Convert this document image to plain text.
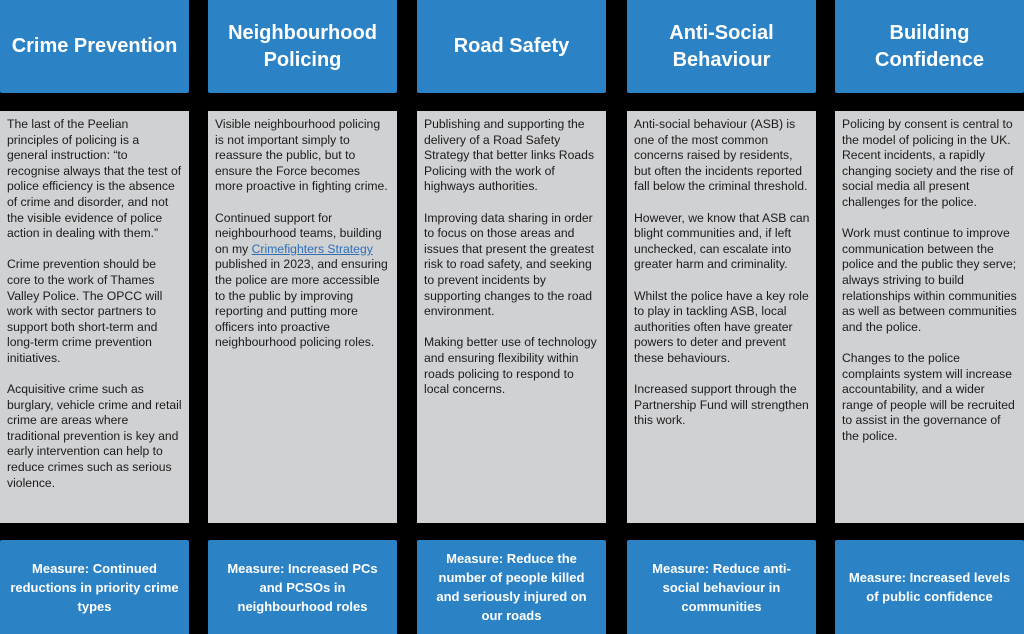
Crime Prevention

The last of the Peelian principles of policing is a general instruction: “to recognise always that the test of police efficiency is the absence of crime and disorder, and not the visible evidence of police action in dealing with them.”

Crime prevention should be core to the work of Thames Valley Police. The OPCC will work with sector partners to support both short-term and long-term crime prevention initiatives.

Acquisitive crime such as burglary, vehicle crime and retail crime are areas where traditional prevention is key and early intervention can help to reduce crimes such as serious violence.

Measure: Continued reductions in priority crime types
Neighbourhood Policing

Visible neighbourhood policing is not important simply to reassure the public, but to ensure the Force becomes more proactive in fighting crime.

Continued support for neighbourhood teams, building on my Crimefighters Strategy published in 2023, and ensuring the police are more accessible to the public by improving reporting and putting more officers into proactive neighbourhood policing roles.

Measure: Increased PCs and PCSOs in neighbourhood roles
Road Safety

Publishing and supporting the delivery of a Road Safety Strategy that better links Roads Policing with the work of highways authorities.

Improving data sharing in order to focus on those areas and issues that present the greatest risk to road safety, and seeking to prevent incidents by supporting changes to the road environment.

Making better use of technology and ensuring flexibility within roads policing to respond to local concerns.

Measure: Reduce the number of people killed and seriously injured on our roads
Anti-Social Behaviour

Anti-social behaviour (ASB) is one of the most common concerns raised by residents, but often the incidents reported fall below the criminal threshold.

However, we know that ASB can blight communities and, if left unchecked, can escalate into greater harm and criminality.

Whilst the police have a key role to play in tackling ASB, local authorities often have greater powers to deter and prevent these behaviours.

Increased support through the Partnership Fund will strengthen this work.

Measure: Reduce anti-social behaviour in communities
Building Confidence

Policing by consent is central to the model of policing in the UK. Recent incidents, a rapidly changing society and the rise of social media all present challenges for the police.

Work must continue to improve communication between the police and the public they serve; always striving to build relationships within communities as well as between communities and the police.

Changes to the police complaints system will increase accountability, and a wider range of people will be recruited to assist in the governance of the police.

Measure: Increased levels of public confidence
